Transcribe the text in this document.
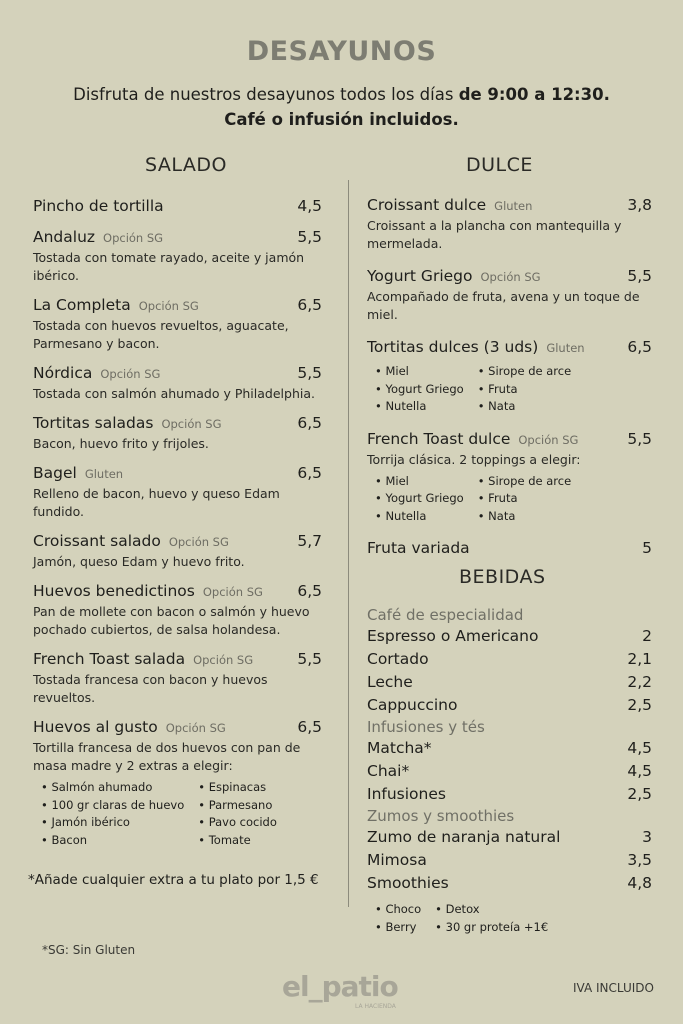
DESAYUNOS
Disfruta de nuestros desayunos todos los días de 9:00 a 12:30.
Café o infusión incluidos.
SALADO	DULCE
Pincho de tortilla	4,5
Andaluz Opción SG	5,5
Tostada con tomate rayado, aceite y jamón ibérico.
La Completa Opción SG	6,5
Tostada con huevos revueltos, aguacate, Parmesano y bacon.
Nórdica Opción SG	5,5
Tostada con salmón ahumado y Philadelphia.
Tortitas saladas Opción SG	6,5
Bacon, huevo frito y frijoles.
Bagel Gluten	6,5
Relleno de bacon, huevo y queso Edam fundido.
Croissant salado Opción SG	5,7
Jamón, queso Edam y huevo frito.
Huevos benedictinos Opción SG 6,5
Pan de mollete con bacon o salmón y huevo pochado cubiertos, de salsa holandesa.
French Toast salada Opción SG	5,5
Tostada francesa con bacon y huevos revueltos.
Huevos al gusto Opción SG	6,5
Tortilla francesa de dos huevos con pan de masa madre y 2 extras a elegir:
• Salmón ahumado	• Espinacas
• 100 gr claras de huevo	• Parmesano
• Jamón ibérico	• Pavo cocido
• Bacon	• Tomate
Croissant dulce Gluten	3,8
Croissant a la plancha con mantequilla y mermelada.
Yogurt Griego Opción SG	5,5
Acompañado de fruta, avena y un toque de miel.
Tortitas dulces (3 uds) Gluten	6,5
• Miel	• Sirope de arce
• Yogurt Griego	• Fruta
• Nutella	• Nata
French Toast dulce Opción SG	5,5
Torrija clásica. 2 toppings a elegir:
• Miel	• Sirope de arce
• Yogurt Griego	• Fruta
• Nutella	• Nata
Fruta variada	5
BEBIDAS
Café de especialidad
Espresso o Americano	2
Cortado	2,1
Leche	2,2
Cappuccino	2,5
Infusiones y tés
Matcha*	4,5
Chai*	4,5
Infusiones	2,5
Zumos y smoothies
Zumo de naranja natural	3
Mimosa	3,5
Smoothies	4,8
• Choco	• Detox
• Berry	• 30 gr proteía +1€
*Añade cualquier extra a tu plato por 1,5 €
*SG: Sin Gluten
el_patio
LA HACIENDA
IVA INCLUIDO
